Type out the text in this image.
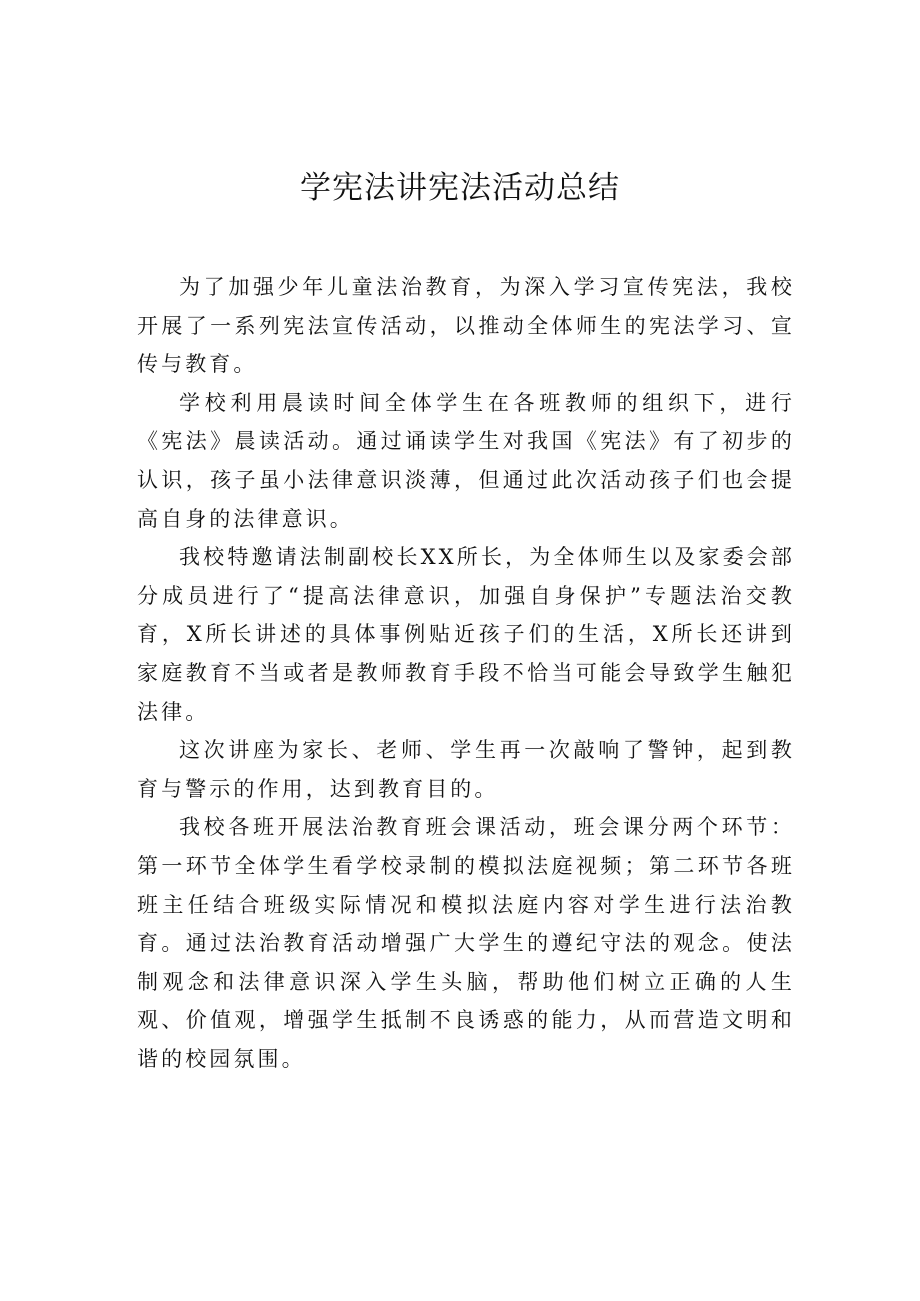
学宪法讲宪法活动总结

为了加强少年儿童法治教育，为深入学习宣传宪法，我校开展了一系列宪法宣传活动，以推动全体师生的宪法学习、宣传与教育。

学校利用晨读时间全体学生在各班教师的组织下，进行《宪法》晨读活动。通过诵读学生对我国《宪法》有了初步的认识，孩子虽小法律意识淡薄，但通过此次活动孩子们也会提高自身的法律意识。

我校特邀请法制副校长XX所长，为全体师生以及家委会部分成员进行了“提高法律意识，加强自身保护”专题法治交教育，X所长讲述的具体事例贴近孩子们的生活，X所长还讲到家庭教育不当或者是教师教育手段不恰当可能会导致学生触犯法律。

这次讲座为家长、老师、学生再一次敲响了警钟，起到教育与警示的作用，达到教育目的。

我校各班开展法治教育班会课活动，班会课分两个环节：第一环节全体学生看学校录制的模拟法庭视频；第二环节各班班主任结合班级实际情况和模拟法庭内容对学生进行法治教育。通过法治教育活动增强广大学生的遵纪守法的观念。使法制观念和法律意识深入学生头脑，帮助他们树立正确的人生观、价值观，增强学生抵制不良诱惑的能力，从而营造文明和谐的校园氛围。
